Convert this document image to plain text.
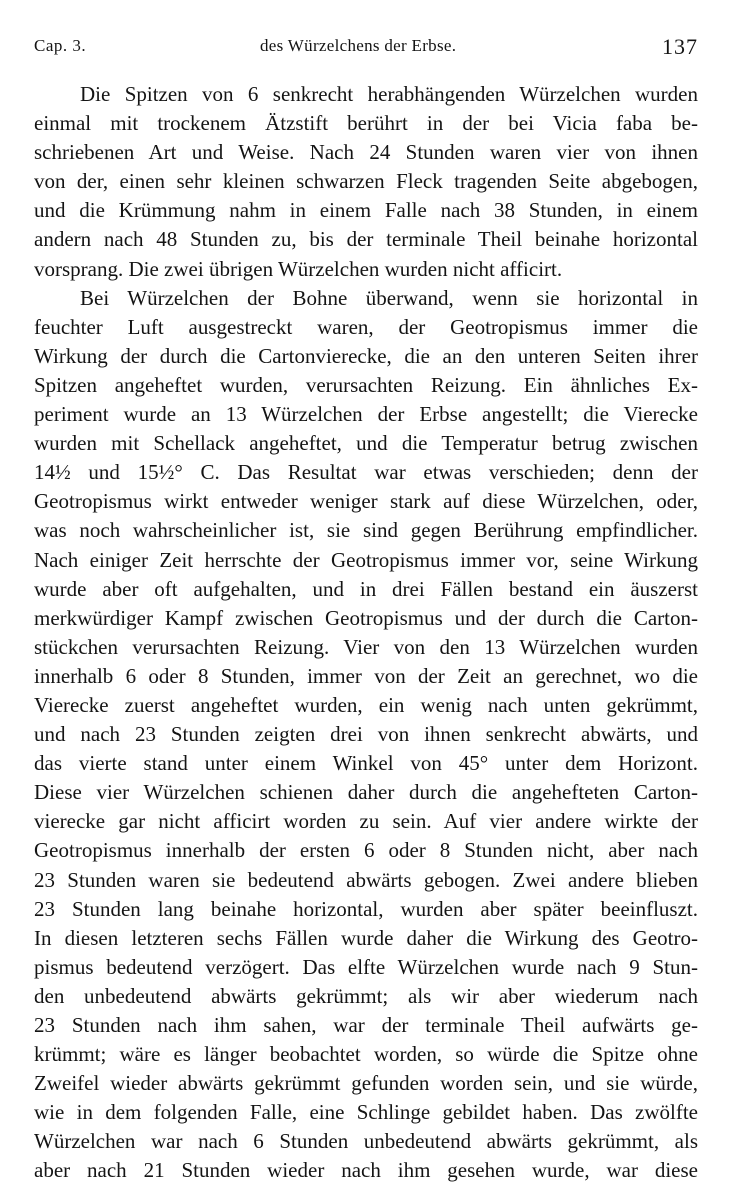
Cap. 3.	des Würzelchens der Erbse.	137
Die Spitzen von 6 senkrecht herabhängenden Würzelchen wurden
einmal mit trockenem Ätzstift berührt in der bei Vicia faba be-
schriebenen Art und Weise. Nach 24 Stunden waren vier von ihnen
von der, einen sehr kleinen schwarzen Fleck tragenden Seite abgebogen,
und die Krümmung nahm in einem Falle nach 38 Stunden, in einem
andern nach 48 Stunden zu, bis der terminale Theil beinahe horizontal
vorsprang. Die zwei übrigen Würzelchen wurden nicht afficirt.
Bei Würzelchen der Bohne überwand, wenn sie horizontal in
feuchter Luft ausgestreckt waren, der Geotropismus immer die
Wirkung der durch die Cartonvierecke, die an den unteren Seiten ihrer
Spitzen angeheftet wurden, verursachten Reizung. Ein ähnliches Ex-
periment wurde an 13 Würzelchen der Erbse angestellt; die Vierecke
wurden mit Schellack angeheftet, und die Temperatur betrug zwischen
14½ und 15½° C. Das Resultat war etwas verschieden; denn der
Geotropismus wirkt entweder weniger stark auf diese Würzelchen, oder,
was noch wahrscheinlicher ist, sie sind gegen Berührung empfindlicher.
Nach einiger Zeit herrschte der Geotropismus immer vor, seine Wirkung
wurde aber oft aufgehalten, und in drei Fällen bestand ein äuszerst
merkwürdiger Kampf zwischen Geotropismus und der durch die Carton-
stückchen verursachten Reizung. Vier von den 13 Würzelchen wurden
innerhalb 6 oder 8 Stunden, immer von der Zeit an gerechnet, wo die
Vierecke zuerst angeheftet wurden, ein wenig nach unten gekrümmt,
und nach 23 Stunden zeigten drei von ihnen senkrecht abwärts, und
das vierte stand unter einem Winkel von 45° unter dem Horizont.
Diese vier Würzelchen schienen daher durch die angehefteten Carton-
vierecke gar nicht afficirt worden zu sein. Auf vier andere wirkte der
Geotropismus innerhalb der ersten 6 oder 8 Stunden nicht, aber nach
23 Stunden waren sie bedeutend abwärts gebogen. Zwei andere blieben
23 Stunden lang beinahe horizontal, wurden aber später beeinfluszt.
In diesen letzteren sechs Fällen wurde daher die Wirkung des Geotro-
pismus bedeutend verzögert. Das elfte Würzelchen wurde nach 9 Stun-
den unbedeutend abwärts gekrümmt; als wir aber wiederum nach
23 Stunden nach ihm sahen, war der terminale Theil aufwärts ge-
krümmt; wäre es länger beobachtet worden, so würde die Spitze ohne
Zweifel wieder abwärts gekrümmt gefunden worden sein, und sie würde,
wie in dem folgenden Falle, eine Schlinge gebildet haben. Das zwölfte
Würzelchen war nach 6 Stunden unbedeutend abwärts gekrümmt, als
aber nach 21 Stunden wieder nach ihm gesehen wurde, war diese
